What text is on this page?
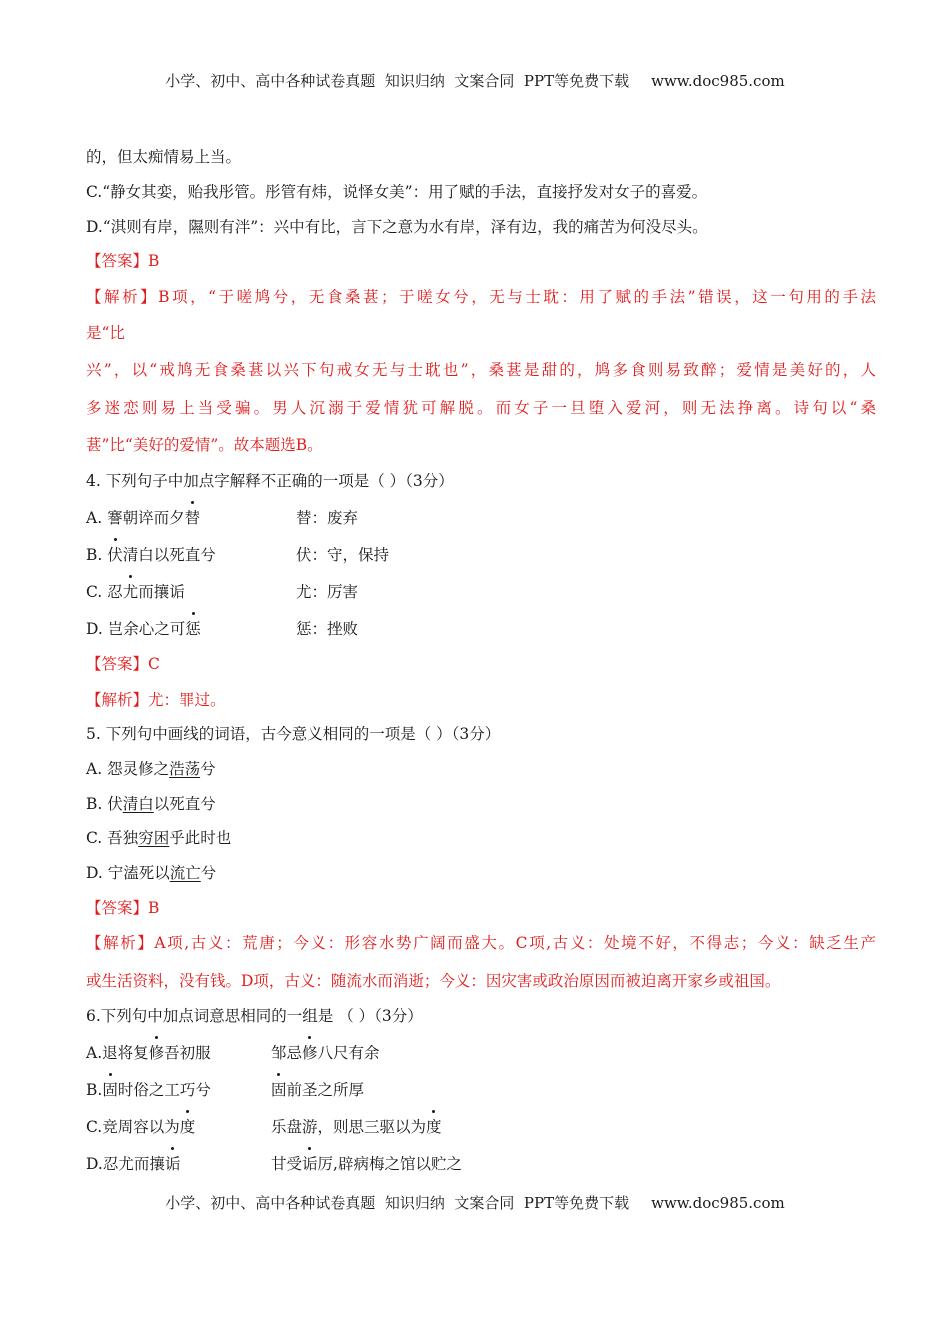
小学、初中、高中各种试卷真题  知识归纳  文案合同  PPT等免费下载 www.doc985.com
的，但太痴情易上当。
C.“静女其娈，贻我彤管。彤管有炜，说怿女美”：用了赋的手法，直接抒发对女子的喜爱。
D.“淇则有岸，隰则有泮”：兴中有比，言下之意为水有岸，泽有边，我的痛苦为何没尽头。
【答案】B
【解析】B项，“于嗟鸠兮，无食桑葚；于嗟女兮，无与士耽：用了赋的手法”错误，这一句用的手法
是“比
兴”，以“戒鸠无食桑葚以兴下句戒女无与士耽也”，桑葚是甜的，鸠多食则易致醉；爱情是美好的，人
多迷恋则易上当受骗。男人沉溺于爱情犹可解脱。而女子一旦堕入爱河，则无法挣离。诗句以“桑
葚”比“美好的爱情”。故本题选B。
4. 下列句子中加点字解释不正确的一项是（ ）（3分）
A. 謇朝谇而夕替	替：废弃
B. 伏清白以死直兮	伏：守，保持
C. 忍尤而攘诟	尤：厉害
D. 岂余心之可惩	惩：挫败
【答案】C
【解析】尤：罪过。
5. 下列句中画线的词语，古今意义相同的一项是（ ）（3分）
A. 怨灵修之浩荡兮
B. 伏清白以死直兮
C. 吾独穷困乎此时也
D. 宁溘死以流亡兮
【答案】B
【解析】A项,古义：荒唐；今义：形容水势广阔而盛大。C项,古义：处境不好，不得志；今义：缺乏生产
或生活资料，没有钱。D项，古义：随流水而消逝；今义：因灾害或政治原因而被迫离开家乡或祖国。
6.下列句中加点词意思相同的一组是 （ ）（3分）
A.退将复修吾初服	邹忌修八尺有余
B.固时俗之工巧兮	固前圣之所厚
C.竞周容以为度	乐盘游，则思三驱以为度
D.忍尤而攘诟	甘受诟厉,辟病梅之馆以贮之
小学、初中、高中各种试卷真题  知识归纳  文案合同  PPT等免费下载 www.doc985.com
